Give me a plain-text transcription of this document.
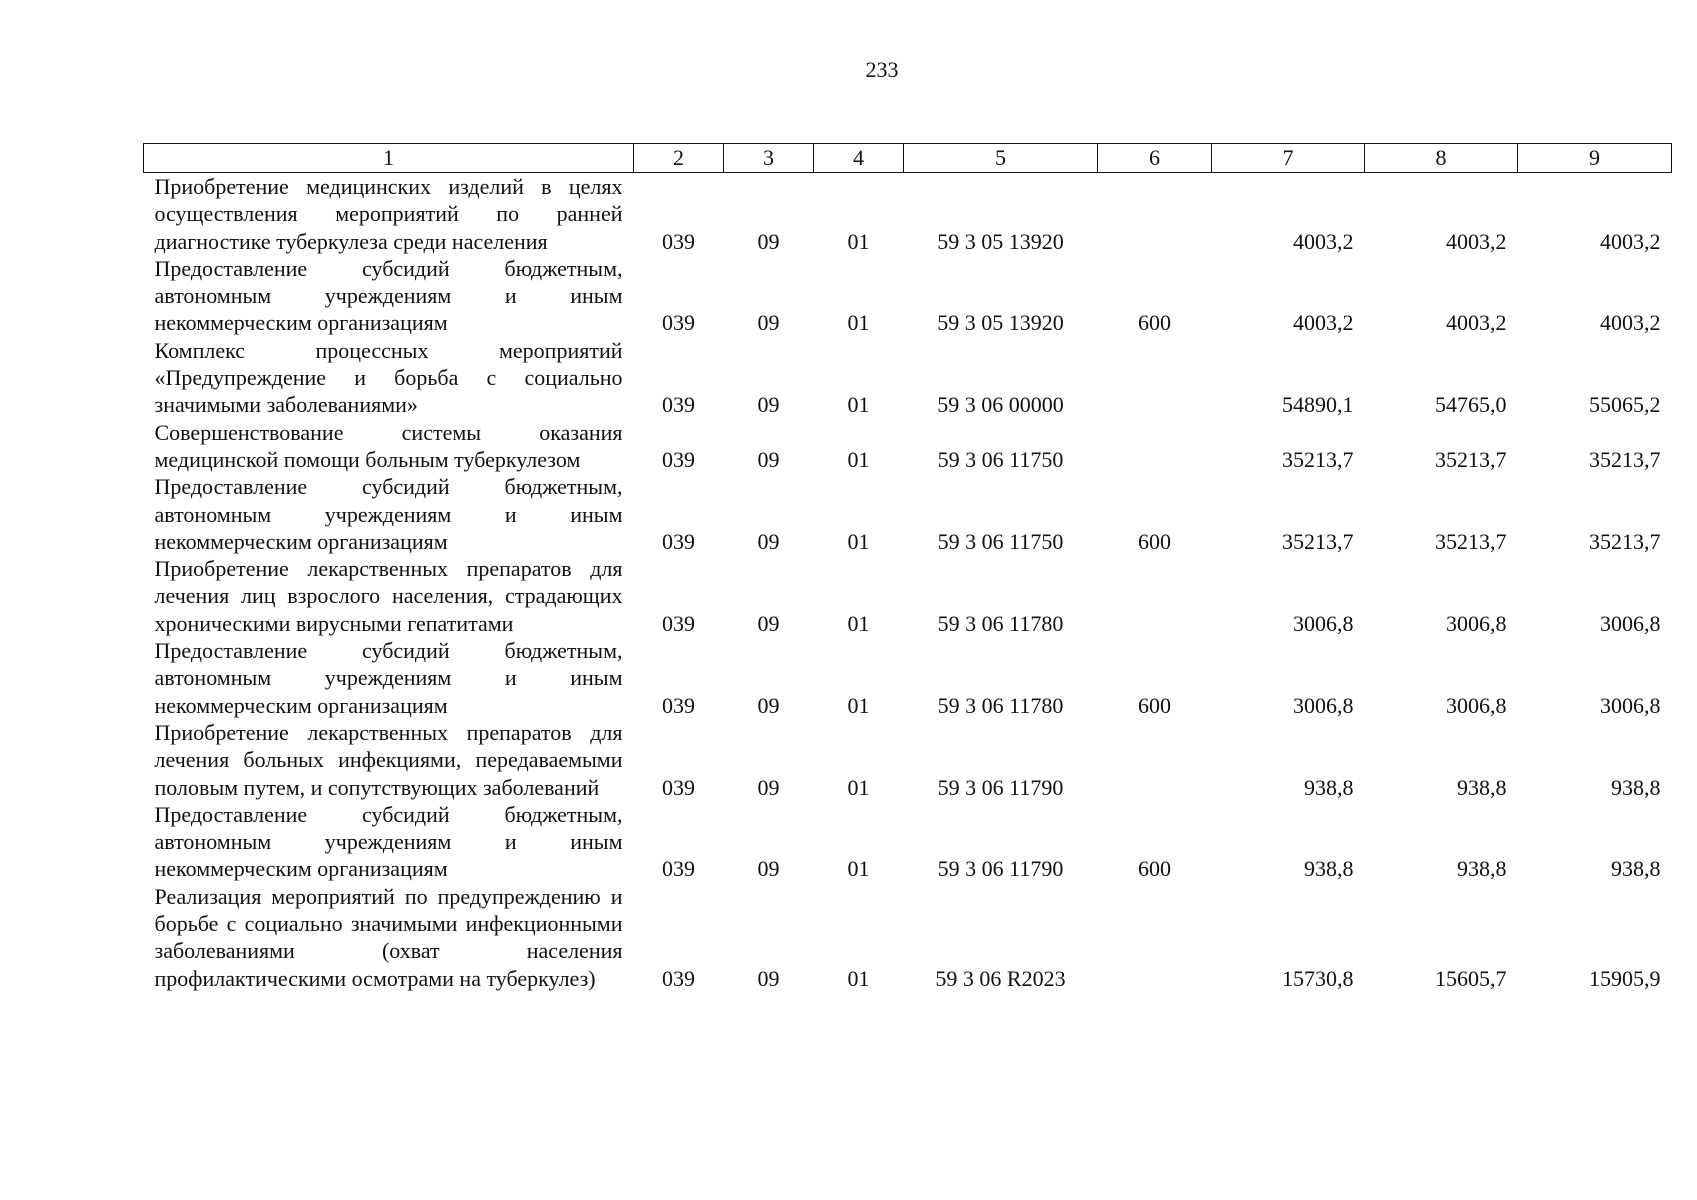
233
1	2	3	4	5	6	7	8	9
Приобретение медицинских изделий в целях осуществления мероприятий по ранней диагностике туберкулеза среди населения	039	09	01	59 3 05 13920		4003,2	4003,2	4003,2
Предоставление субсидий бюджетным, автономным учреждениям и иным некоммерческим организациям	039	09	01	59 3 05 13920	600	4003,2	4003,2	4003,2
Комплекс процессных мероприятий «Предупреждение и борьба с социально значимыми заболеваниями»	039	09	01	59 3 06 00000		54890,1	54765,0	55065,2
Совершенствование системы оказания медицинской помощи больным туберкулезом	039	09	01	59 3 06 11750		35213,7	35213,7	35213,7
Предоставление субсидий бюджетным, автономным учреждениям и иным некоммерческим организациям	039	09	01	59 3 06 11750	600	35213,7	35213,7	35213,7
Приобретение лекарственных препаратов для лечения лиц взрослого населения, страдающих хроническими вирусными гепатитами	039	09	01	59 3 06 11780		3006,8	3006,8	3006,8
Предоставление субсидий бюджетным, автономным учреждениям и иным некоммерческим организациям	039	09	01	59 3 06 11780	600	3006,8	3006,8	3006,8
Приобретение лекарственных препаратов для лечения больных инфекциями, передаваемыми половым путем, и сопутствующих заболеваний	039	09	01	59 3 06 11790		938,8	938,8	938,8
Предоставление субсидий бюджетным, автономным учреждениям и иным некоммерческим организациям	039	09	01	59 3 06 11790	600	938,8	938,8	938,8
Реализация мероприятий по предупреждению и борьбе с социально значимыми инфекционными заболеваниями (охват населения профилактическими осмотрами на туберкулез)	039	09	01	59 3 06 R2023		15730,8	15605,7	15905,9
